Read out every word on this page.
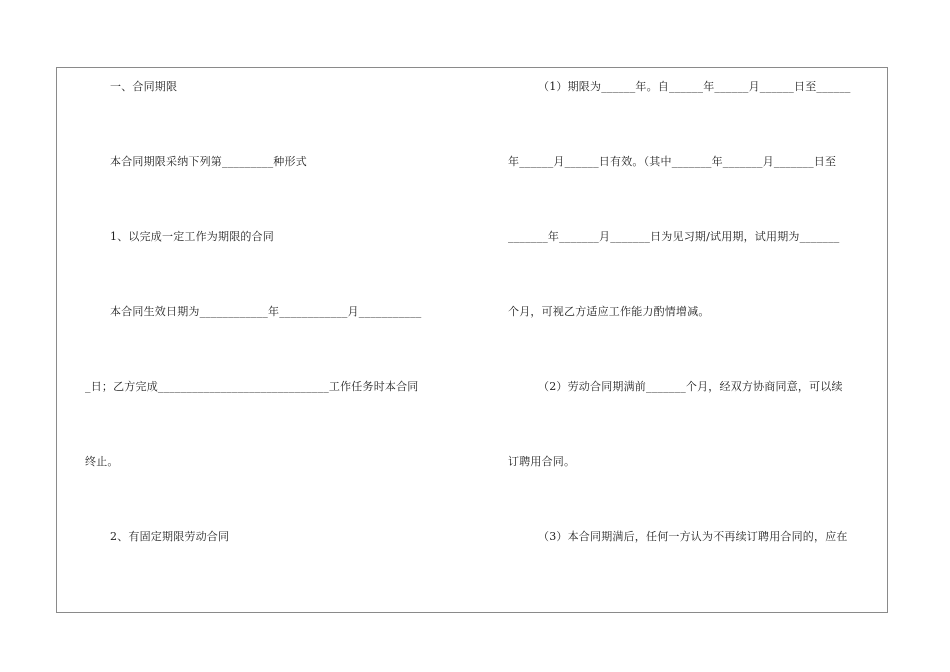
一、合同期限
本合同期限采纳下列第_________种形式
1、以完成一定工作为期限的合同
本合同生效日期为____________年____________月___________
_日；乙方完成______________________________工作任务时本合同
终止。
2、有固定期限劳动合同
（1）期限为______年。自______年______月______日至______
年______月______日有效。（其中_______年_______月_______日至
_______年_______月_______日为见习期/试用期，试用期为_______
个月，可视乙方适应工作能力酌情增减。
（2）劳动合同期满前_______个月，经双方协商同意，可以续
订聘用合同。
（3）本合同期满后，任何一方认为不再续订聘用合同的，应在
